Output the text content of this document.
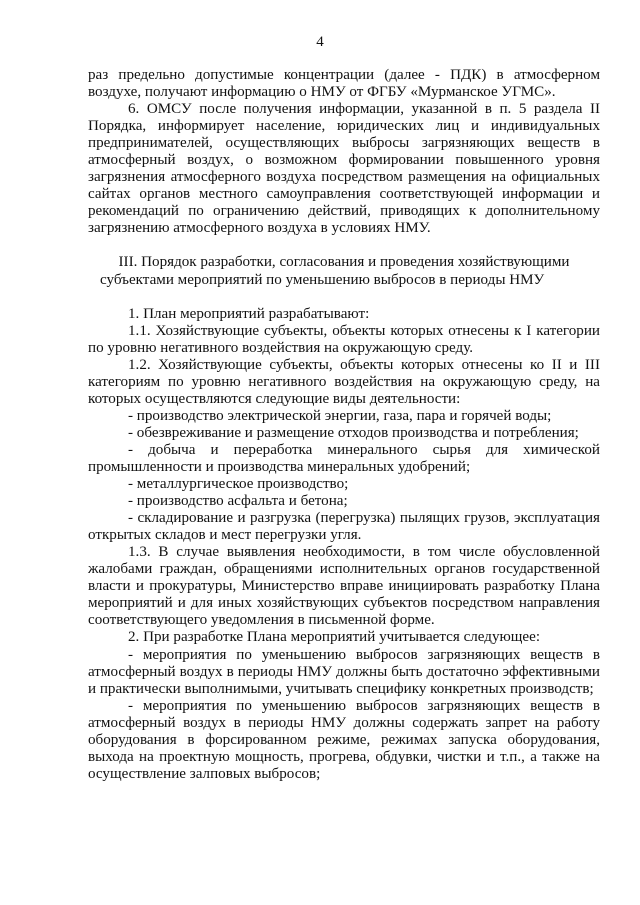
4

раз предельно допустимые концентрации (далее - ПДК) в атмосферном воздухе, получают информацию о НМУ от ФГБУ «Мурманское УГМС».

6. ОМСУ после получения информации, указанной в п. 5 раздела II Порядка, информирует население, юридических лиц и индивидуальных предпринимателей, осуществляющих выбросы загрязняющих веществ в атмосферный воздух, о возможном формировании повышенного уровня загрязнения атмосферного воздуха посредством размещения на официальных сайтах органов местного самоуправления соответствующей информации и рекомендаций по ограничению действий, приводящих к дополнительному загрязнению атмосферного воздуха в условиях НМУ.

III. Порядок разработки, согласования и проведения хозяйствующими субъектами мероприятий по уменьшению выбросов в периоды НМУ

1. План мероприятий разрабатывают:

1.1. Хозяйствующие субъекты, объекты которых отнесены к I категории по уровню негативного воздействия на окружающую среду.

1.2. Хозяйствующие субъекты, объекты которых отнесены ко II и III категориям по уровню негативного воздействия на окружающую среду, на которых осуществляются следующие виды деятельности:

- производство электрической энергии, газа, пара и горячей воды;

- обезвреживание и размещение отходов производства и потребления;

- добыча и переработка минерального сырья для химической промышленности и производства минеральных удобрений;

- металлургическое производство;

- производство асфальта и бетона;

- складирование и разгрузка (перегрузка) пылящих грузов, эксплуатация открытых складов и мест перегрузки угля.

1.3. В случае выявления необходимости, в том числе обусловленной жалобами граждан, обращениями исполнительных органов государственной власти и прокуратуры, Министерство вправе инициировать разработку Плана мероприятий и для иных хозяйствующих субъектов посредством направления соответствующего уведомления в письменной форме.

2. При разработке Плана мероприятий учитывается следующее:

- мероприятия по уменьшению выбросов загрязняющих веществ в атмосферный воздух в периоды НМУ должны быть достаточно эффективными и практически выполнимыми, учитывать специфику конкретных производств;

- мероприятия по уменьшению выбросов загрязняющих веществ в атмосферный воздух в периоды НМУ должны содержать запрет на работу оборудования в форсированном режиме, режимах запуска оборудования, выхода на проектную мощность, прогрева, обдувки, чистки и т.п., а также на осуществление залповых выбросов;
